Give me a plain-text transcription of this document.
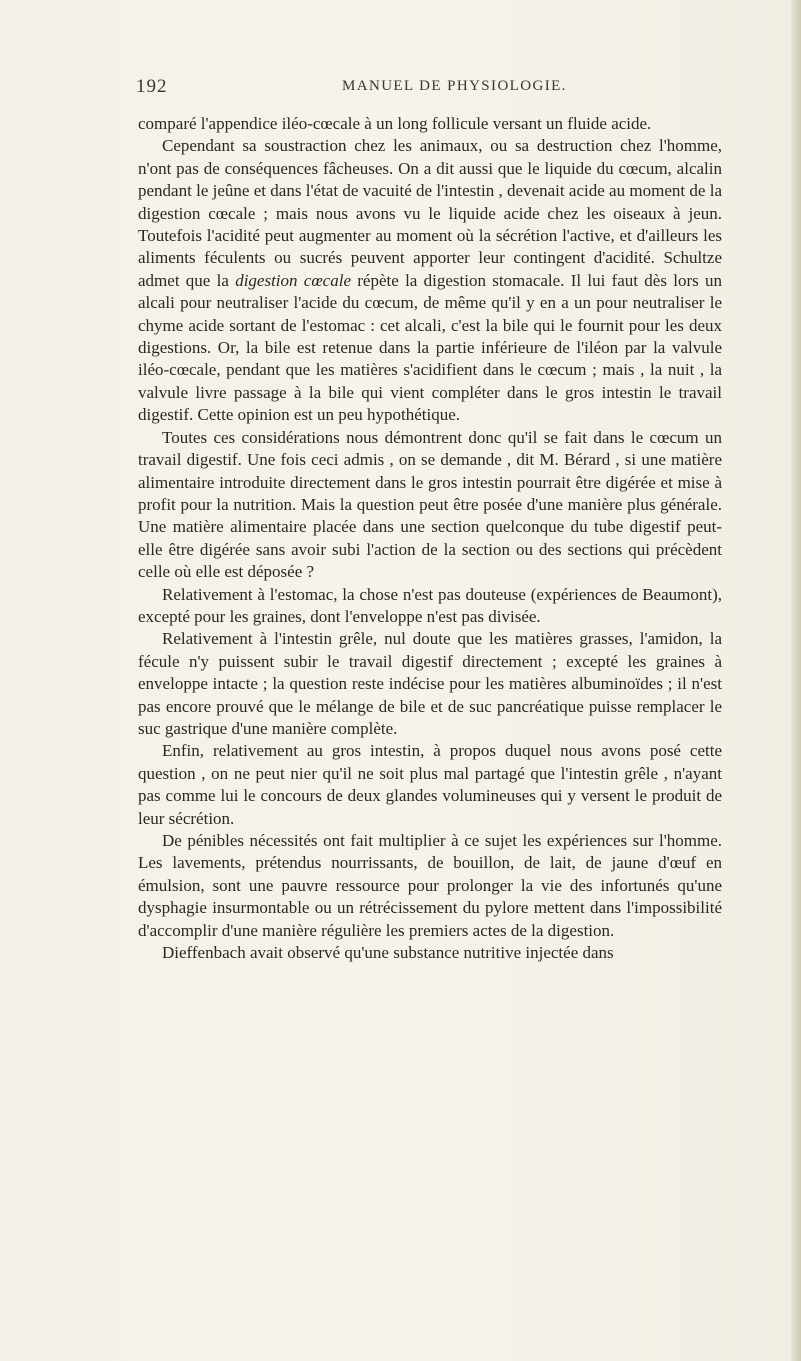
192	MANUEL DE PHYSIOLOGIE.

comparé l'appendice iléo-cœcale à un long follicule versant un fluide acide.

Cependant sa soustraction chez les animaux, ou sa destruction chez l'homme, n'ont pas de conséquences fâcheuses. On a dit aussi que le liquide du cœcum, alcalin pendant le jeûne et dans l'état de vacuité de l'intestin , devenait acide au moment de la digestion cœcale ; mais nous avons vu le liquide acide chez les oiseaux à jeun. Toutefois l'acidité peut augmenter au moment où la sécrétion l'active, et d'ailleurs les aliments féculents ou sucrés peuvent apporter leur contingent d'acidité. Schultze admet que la digestion cœcale répète la digestion stomacale. Il lui faut dès lors un alcali pour neutraliser l'acide du cœcum, de même qu'il y en a un pour neutraliser le chyme acide sortant de l'estomac : cet alcali, c'est la bile qui le fournit pour les deux digestions. Or, la bile est retenue dans la partie inférieure de l'iléon par la valvule iléo-cœcale, pendant que les matières s'acidifient dans le cœcum ; mais , la nuit , la valvule livre passage à la bile qui vient compléter dans le gros intestin le travail digestif. Cette opinion est un peu hypothétique.

Toutes ces considérations nous démontrent donc qu'il se fait dans le cœcum un travail digestif. Une fois ceci admis , on se demande , dit M. Bérard , si une matière alimentaire introduite directement dans le gros intestin pourrait être digérée et mise à profit pour la nutrition. Mais la question peut être posée d'une manière plus générale. Une matière alimentaire placée dans une section quelconque du tube digestif peut-elle être digérée sans avoir subi l'action de la section ou des sections qui précèdent celle où elle est déposée ?

Relativement à l'estomac, la chose n'est pas douteuse (expériences de Beaumont), excepté pour les graines, dont l'enveloppe n'est pas divisée.

Relativement à l'intestin grêle, nul doute que les matières grasses, l'amidon, la fécule n'y puissent subir le travail digestif directement ; excepté les graines à enveloppe intacte ; la question reste indécise pour les matières albuminoïdes ; il n'est pas encore prouvé que le mélange de bile et de suc pancréatique puisse remplacer le suc gastrique d'une manière complète.

Enfin, relativement au gros intestin, à propos duquel nous avons posé cette question , on ne peut nier qu'il ne soit plus mal partagé que l'intestin grêle , n'ayant pas comme lui le concours de deux glandes volumineuses qui y versent le produit de leur sécrétion.

De pénibles nécessités ont fait multiplier à ce sujet les expériences sur l'homme. Les lavements, prétendus nourrissants, de bouillon, de lait, de jaune d'œuf en émulsion, sont une pauvre ressource pour prolonger la vie des infortunés qu'une dysphagie insurmontable ou un rétrécissement du pylore mettent dans l'impossibilité d'accomplir d'une manière régulière les premiers actes de la digestion.

Dieffenbach avait observé qu'une substance nutritive injectée dans
